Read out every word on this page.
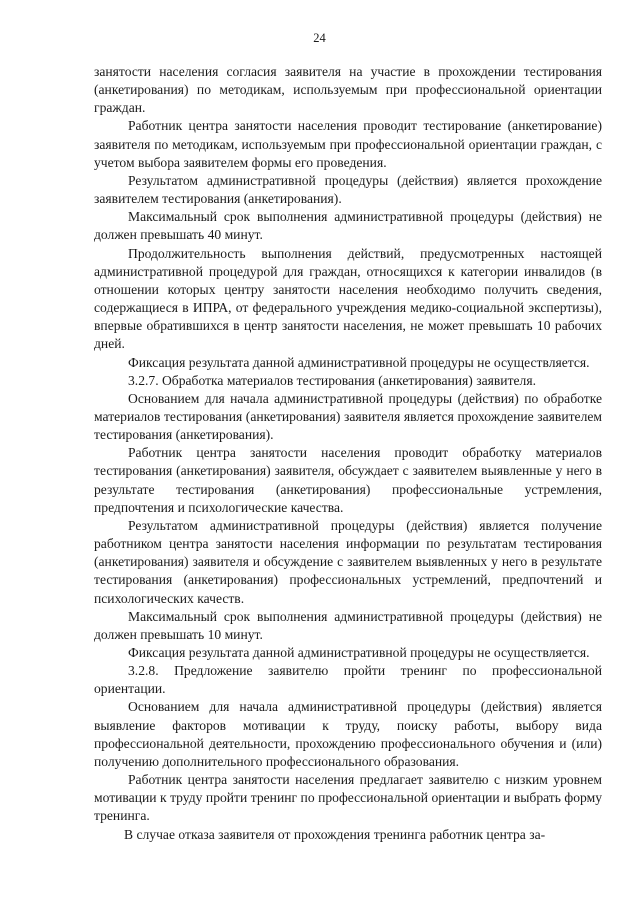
24

занятости населения согласия заявителя на участие в прохождении тестирования (анкетирования) по методикам, используемым при профессиональной ориентации граждан.

Работник центра занятости населения проводит тестирование (анкетирование) заявителя по методикам, используемым при профессиональной ориентации граждан, с учетом выбора заявителем формы его проведения.

Результатом административной процедуры (действия) является прохождение заявителем тестирования (анкетирования).

Максимальный срок выполнения административной процедуры (действия) не должен превышать 40 минут.

Продолжительность выполнения действий, предусмотренных настоящей административной процедурой для граждан, относящихся к категории инвалидов (в отношении которых центру занятости населения необходимо получить сведения, содержащиеся в ИПРА, от федерального учреждения медико-социальной экспертизы), впервые обратившихся в центр занятости населения, не может превышать 10 рабочих дней.

Фиксация результата данной административной процедуры не осуществляется.

3.2.7. Обработка материалов тестирования (анкетирования) заявителя.

Основанием для начала административной процедуры (действия) по обработке материалов тестирования (анкетирования) заявителя является прохождение заявителем тестирования (анкетирования).

Работник центра занятости населения проводит обработку материалов тестирования (анкетирования) заявителя, обсуждает с заявителем выявленные у него в результате тестирования (анкетирования) профессиональные устремления, предпочтения и психологические качества.

Результатом административной процедуры (действия) является получение работником центра занятости населения информации по результатам тестирования (анкетирования) заявителя и обсуждение с заявителем выявленных у него в результате тестирования (анкетирования) профессиональных устремлений, предпочтений и психологических качеств.

Максимальный срок выполнения административной процедуры (действия) не должен превышать 10 минут.

Фиксация результата данной административной процедуры не осуществляется.

3.2.8. Предложение заявителю пройти тренинг по профессиональной ориентации.

Основанием для начала административной процедуры (действия) является выявление факторов мотивации к труду, поиску работы, выбору вида профессиональной деятельности, прохождению профессионального обучения и (или) получению дополнительного профессионального образования.

Работник центра занятости населения предлагает заявителю с низким уровнем мотивации к труду пройти тренинг по профессиональной ориентации и выбрать форму тренинга.

В случае отказа заявителя от прохождения тренинга работник центра за-
